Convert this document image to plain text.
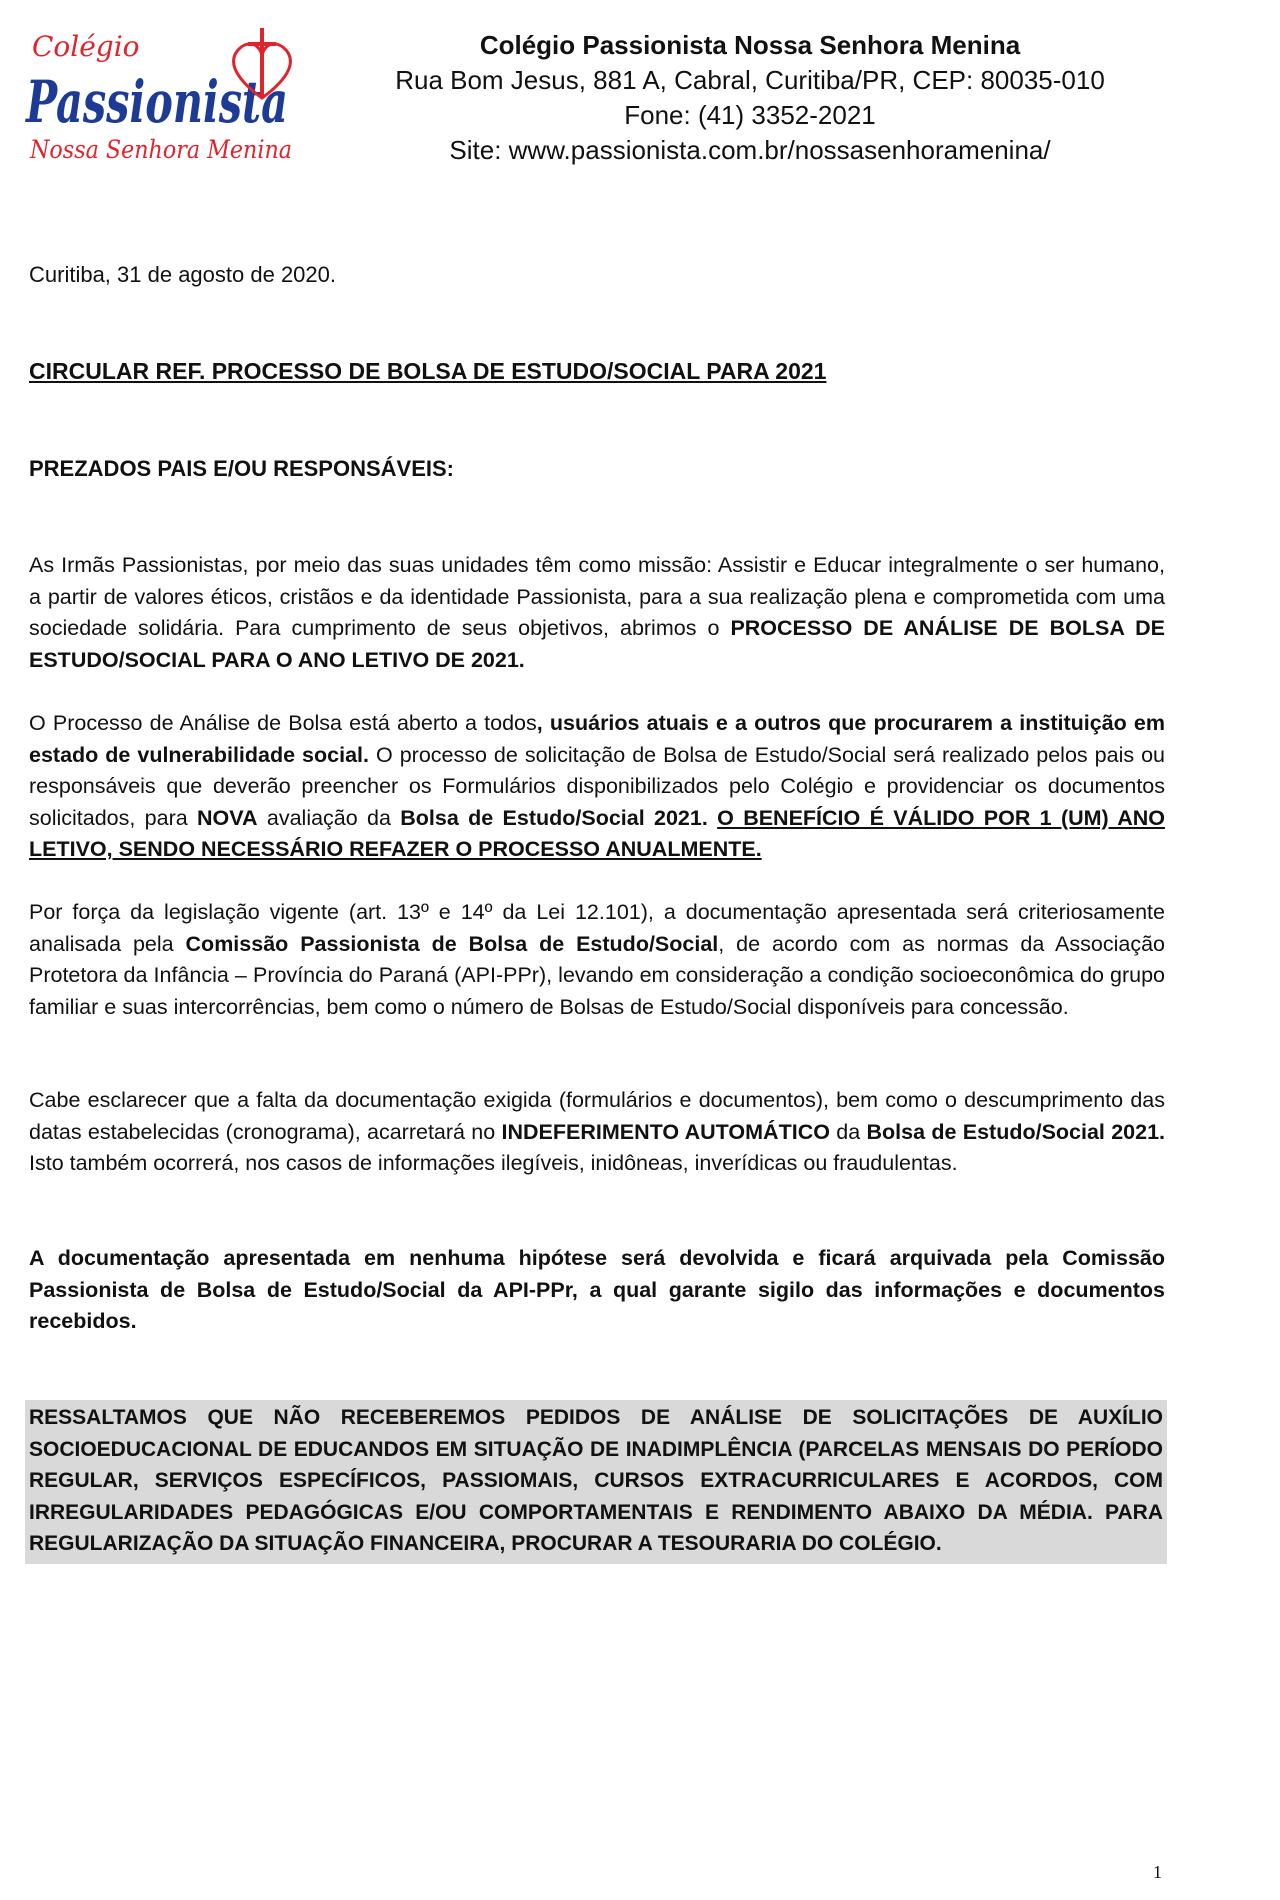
Colégio
Passionista
Nossa Senhora Menina
Colégio Passionista Nossa Senhora Menina
Rua Bom Jesus, 881 A, Cabral, Curitiba/PR, CEP: 80035-010
Fone: (41) 3352-2021
Site: www.passionista.com.br/nossasenhoramenina/
Curitiba, 31 de agosto de 2020.
CIRCULAR REF. PROCESSO DE BOLSA DE ESTUDO/SOCIAL PARA 2021
PREZADOS PAIS E/OU RESPONSÁVEIS:
As Irmãs Passionistas, por meio das suas unidades têm como missão: Assistir e Educar integralmente o ser humano, a partir de valores éticos, cristãos e da identidade Passionista, para a sua realização plena e comprometida com uma sociedade solidária. Para cumprimento de seus objetivos, abrimos o PROCESSO DE ANÁLISE DE BOLSA DE ESTUDO/SOCIAL PARA O ANO LETIVO DE 2021.
O Processo de Análise de Bolsa está aberto a todos, usuários atuais e a outros que procurarem a instituição em estado de vulnerabilidade social. O processo de solicitação de Bolsa de Estudo/Social será realizado pelos pais ou responsáveis que deverão preencher os Formulários disponibilizados pelo Colégio e providenciar os documentos solicitados, para NOVA avaliação da Bolsa de Estudo/Social 2021. O BENEFÍCIO É VÁLIDO POR 1 (UM) ANO LETIVO, SENDO NECESSÁRIO REFAZER O PROCESSO ANUALMENTE.
Por força da legislação vigente (art. 13º e 14º da Lei 12.101), a documentação apresentada será criteriosamente analisada pela Comissão Passionista de Bolsa de Estudo/Social, de acordo com as normas da Associação Protetora da Infância – Província do Paraná (API-PPr), levando em consideração a condição socioeconômica do grupo familiar e suas intercorrências, bem como o número de Bolsas de Estudo/Social disponíveis para concessão.
Cabe esclarecer que a falta da documentação exigida (formulários e documentos), bem como o descumprimento das datas estabelecidas (cronograma), acarretará no INDEFERIMENTO AUTOMÁTICO da Bolsa de Estudo/Social 2021. Isto também ocorrerá, nos casos de informações ilegíveis, inidôneas, inverídicas ou fraudulentas.
A documentação apresentada em nenhuma hipótese será devolvida e ficará arquivada pela Comissão Passionista de Bolsa de Estudo/Social da API-PPr, a qual garante sigilo das informações e documentos recebidos.
RESSALTAMOS QUE NÃO RECEBEREMOS PEDIDOS DE ANÁLISE DE SOLICITAÇÕES DE AUXÍLIO SOCIOEDUCACIONAL DE EDUCANDOS EM SITUAÇÃO DE INADIMPLÊNCIA (PARCELAS MENSAIS DO PERÍODO REGULAR, SERVIÇOS ESPECÍFICOS, PASSIOMAIS, CURSOS EXTRACURRICULARES E ACORDOS, COM IRREGULARIDADES PEDAGÓGICAS E/OU COMPORTAMENTAIS E RENDIMENTO ABAIXO DA MÉDIA. PARA REGULARIZAÇÃO DA SITUAÇÃO FINANCEIRA, PROCURAR A TESOURARIA DO COLÉGIO.
1
